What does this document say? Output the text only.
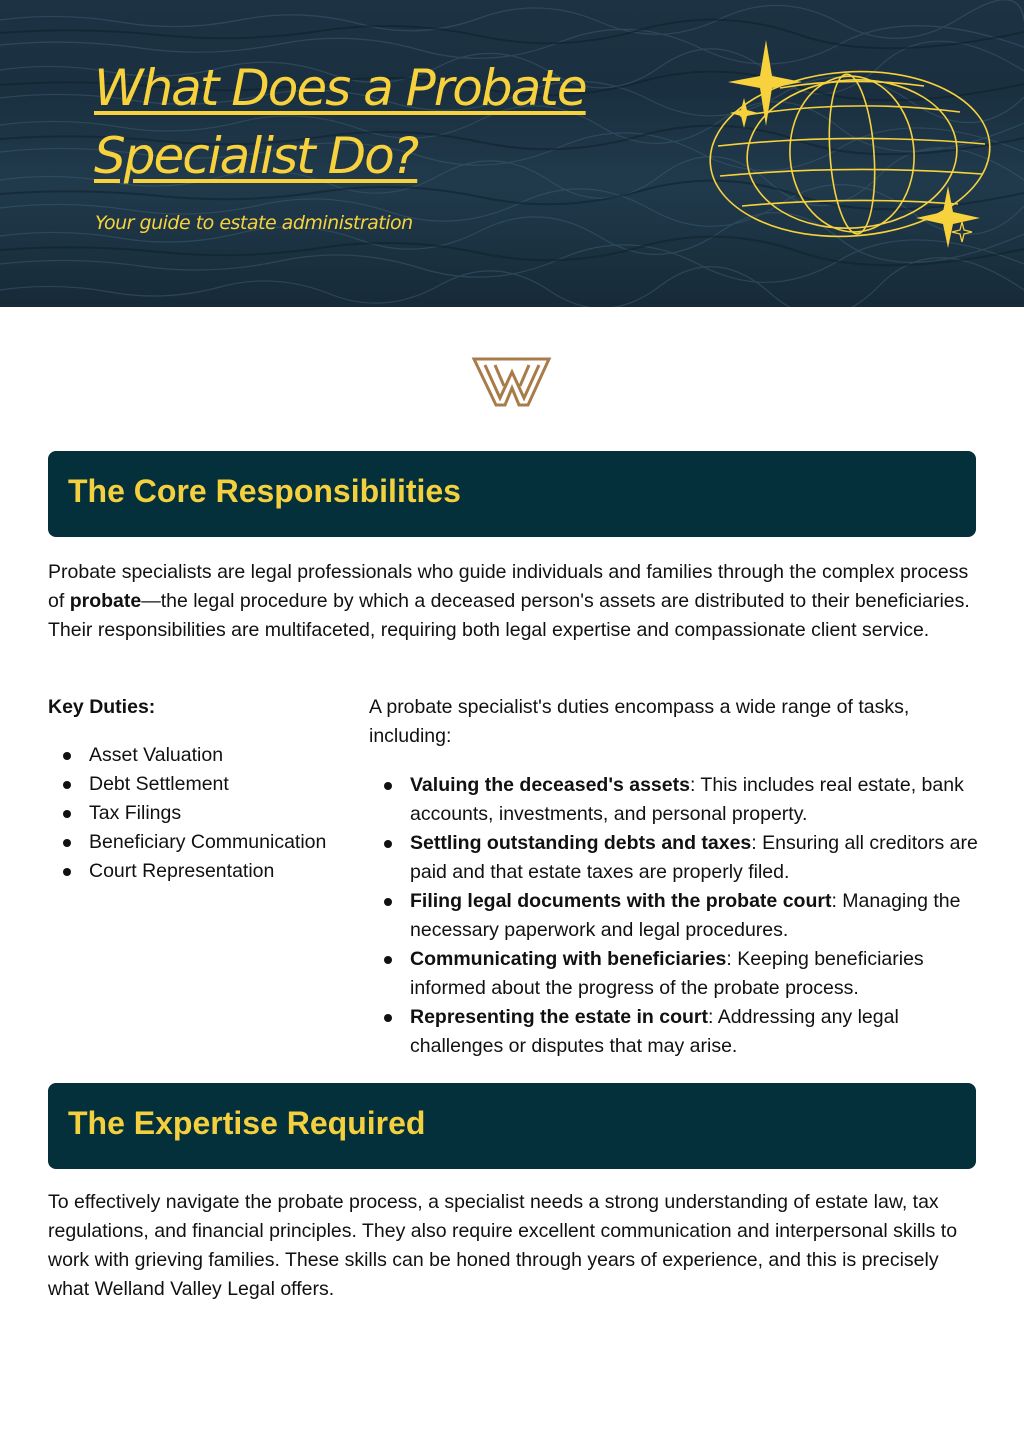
What Does a Probate
Specialist Do?
Your guide to estate administration
The Core Responsibilities

Probate specialists are legal professionals who guide individuals and families through the complex process of probate—the legal procedure by which a deceased person's assets are distributed to their beneficiaries. Their responsibilities are multifaceted, requiring both legal expertise and compassionate client service.

Key Duties:

Asset Valuation
Debt Settlement
Tax Filings
Beneficiary Communication
Court Representation

A probate specialist's duties encompass a wide range of tasks, including:

Valuing the deceased's assets: This includes real estate, bank accounts, investments, and personal property.
Settling outstanding debts and taxes: Ensuring all creditors are paid and that estate taxes are properly filed.
Filing legal documents with the probate court: Managing the necessary paperwork and legal procedures.
Communicating with beneficiaries: Keeping beneficiaries informed about the progress of the probate process.
Representing the estate in court: Addressing any legal challenges or disputes that may arise.
The Expertise Required

To effectively navigate the probate process, a specialist needs a strong understanding of estate law, tax regulations, and financial principles. They also require excellent communication and interpersonal skills to work with grieving families. These skills can be honed through years of experience, and this is precisely what Welland Valley Legal offers.
